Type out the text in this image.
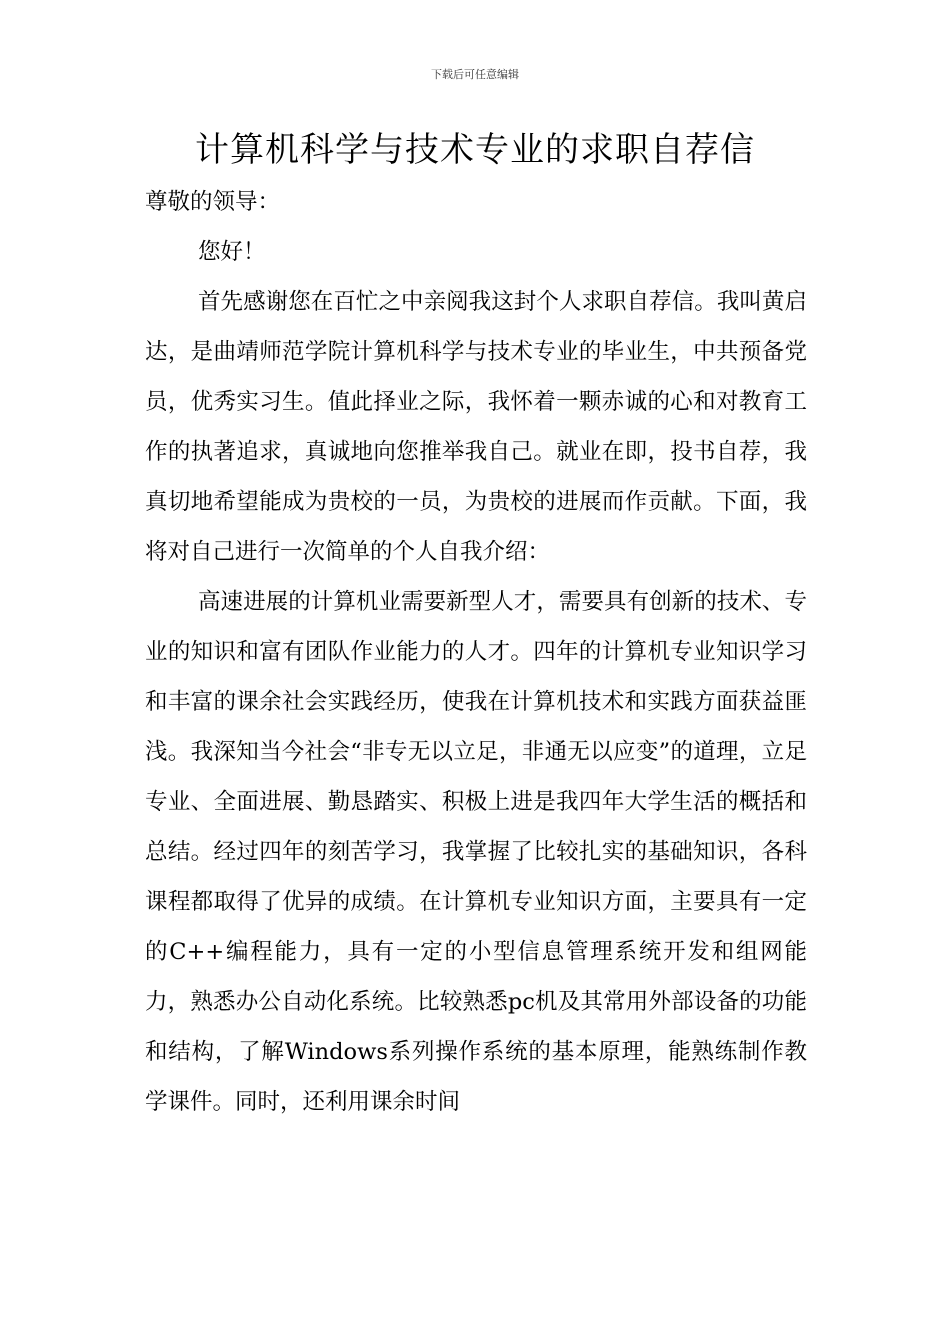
下载后可任意编辑
计算机科学与技术专业的求职自荐信

尊敬的领导：

您好！

首先感谢您在百忙之中亲阅我这封个人求职自荐信。我叫黄启达，是曲靖师范学院计算机科学与技术专业的毕业生，中共预备党员，优秀实习生。值此择业之际，我怀着一颗赤诚的心和对教育工作的执著追求，真诚地向您推举我自己。就业在即，投书自荐，我真切地希望能成为贵校的一员，为贵校的进展而作贡献。下面，我将对自己进行一次简单的个人自我介绍：

高速进展的计算机业需要新型人才，需要具有创新的技术、专业的知识和富有团队作业能力的人才。四年的计算机专业知识学习和丰富的课余社会实践经历，使我在计算机技术和实践方面获益匪浅。我深知当今社会“非专无以立足，非通无以应变”的道理，立足专业、全面进展、勤恳踏实、积极上进是我四年大学生活的概括和总结。经过四年的刻苦学习，我掌握了比较扎实的基础知识，各科课程都取得了优异的成绩。在计算机专业知识方面，主要具有一定的C++编程能力，具有一定的小型信息管理系统开发和组网能力，熟悉办公自动化系统。比较熟悉pc机及其常用外部设备的功能和结构，了解Windows系列操作系统的基本原理，能熟练制作教学课件。同时，还利用课余时间
